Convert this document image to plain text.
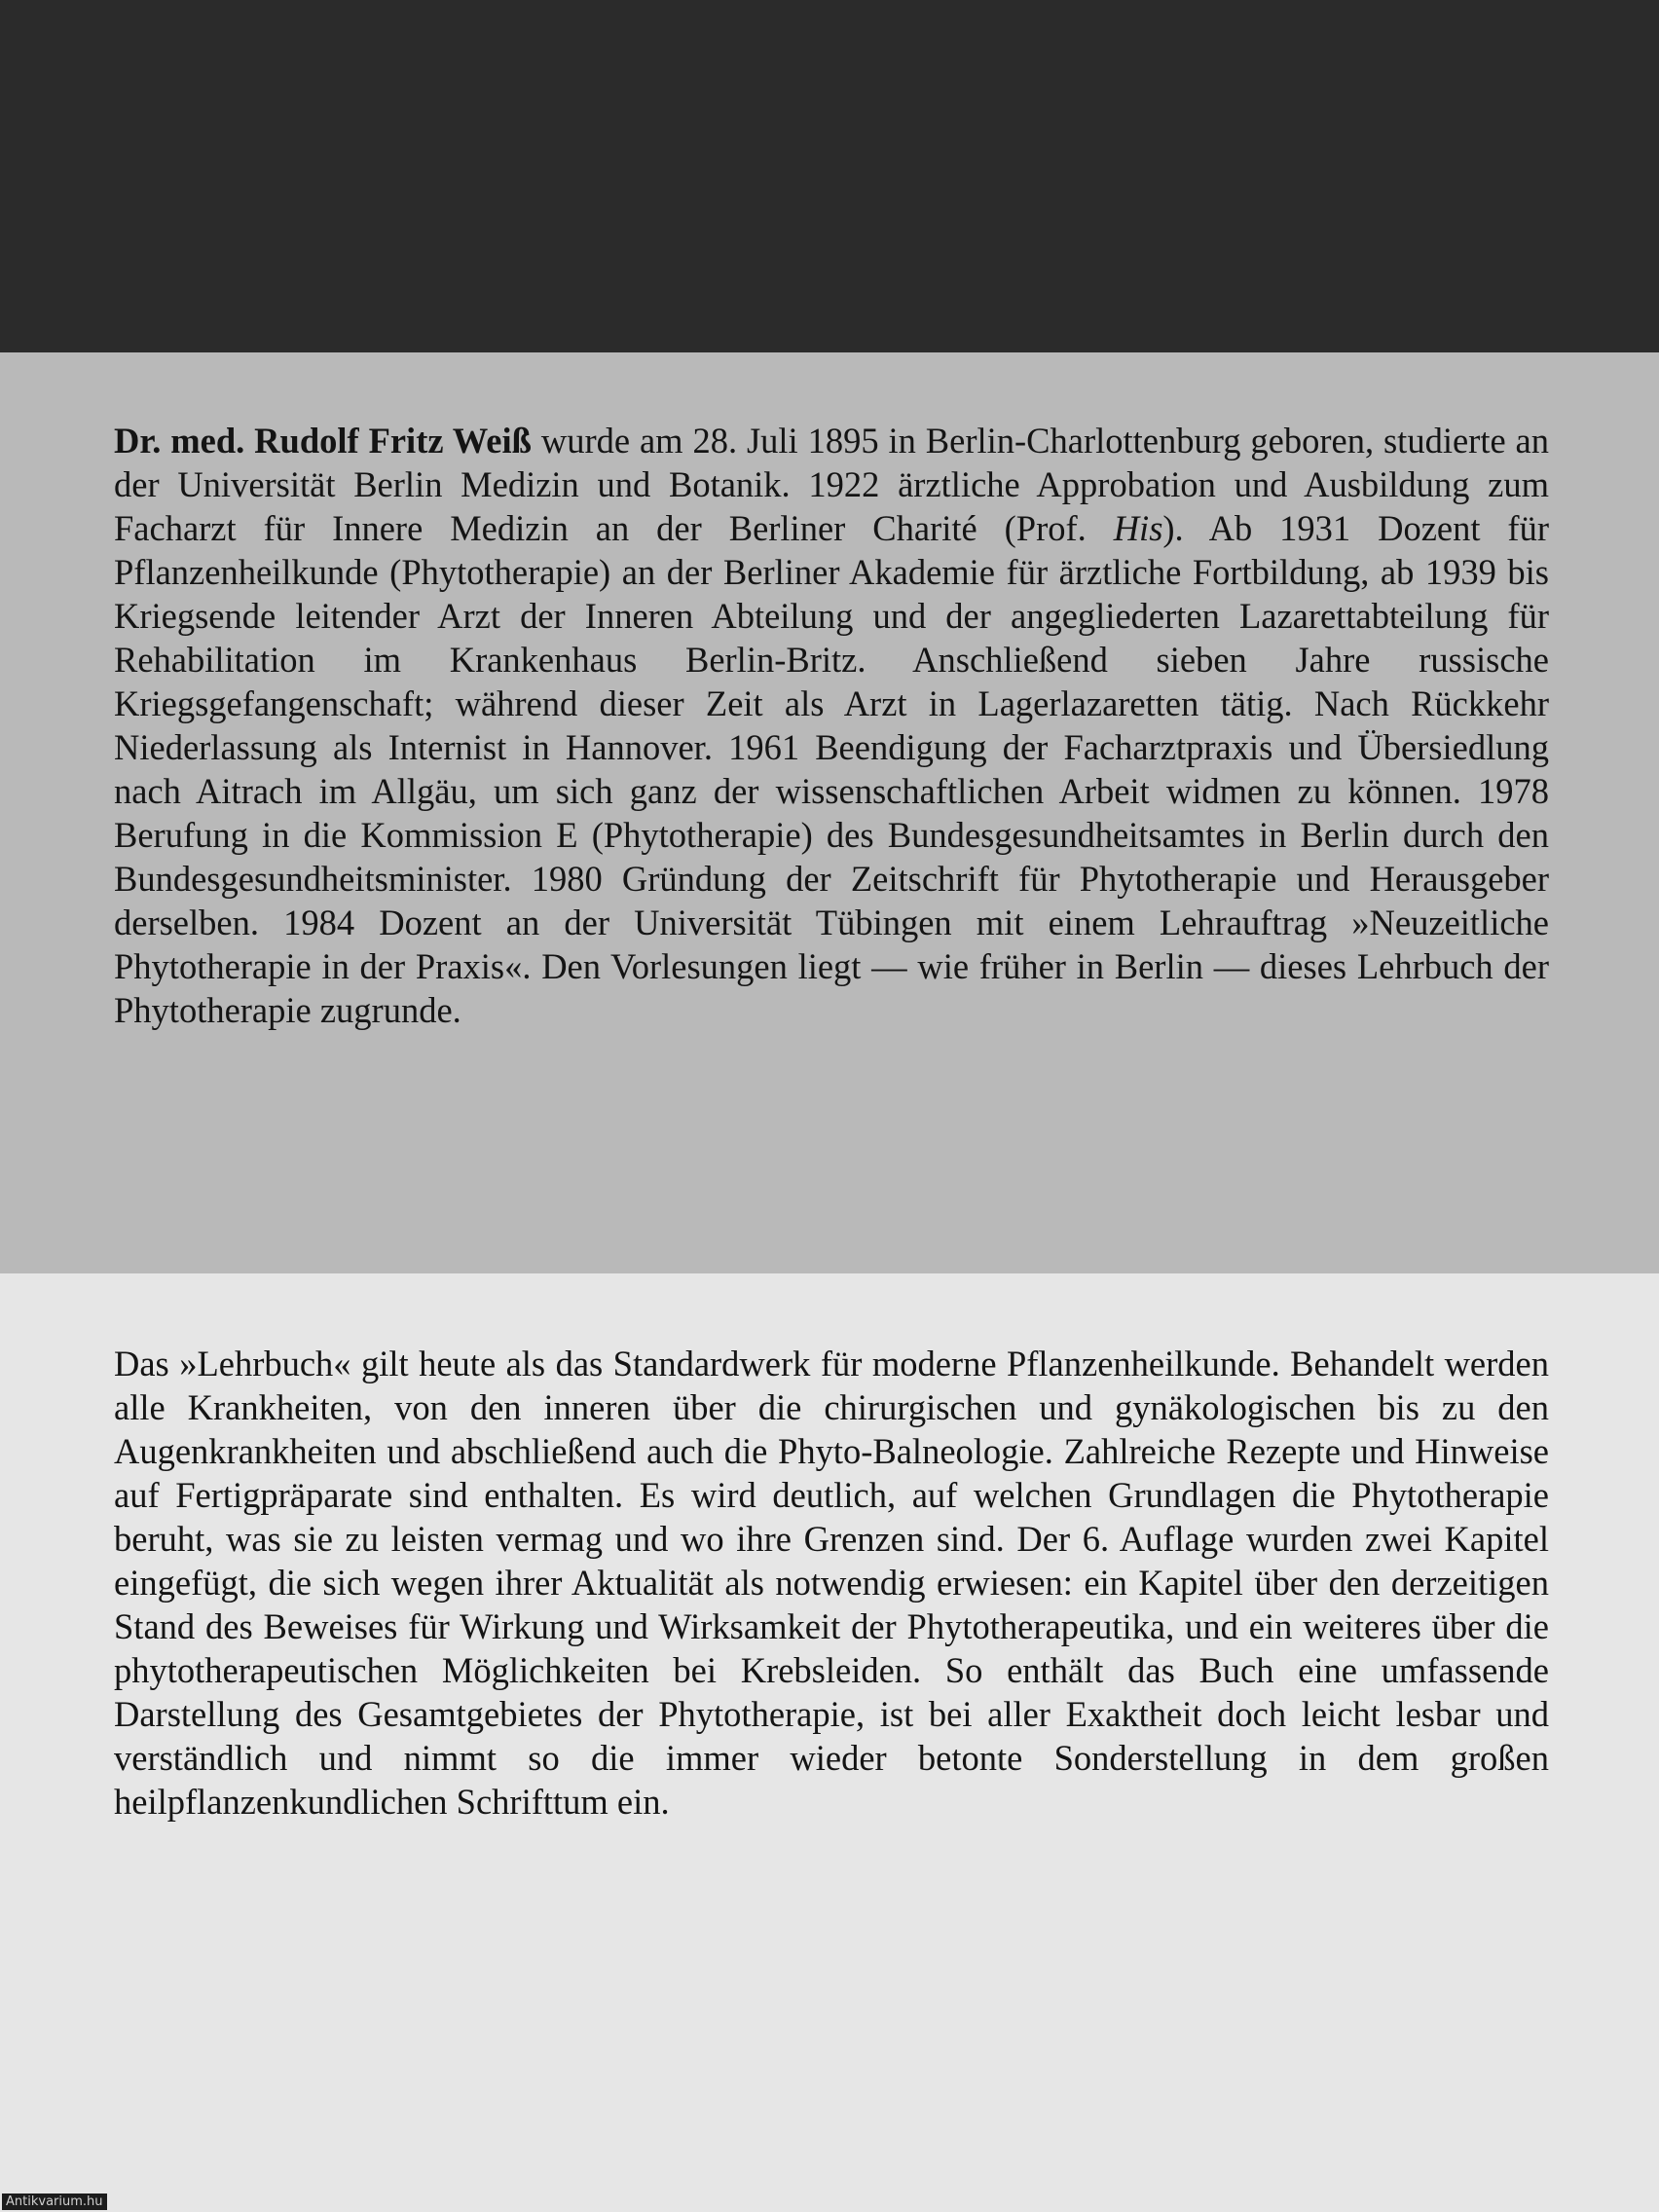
Dr. med. Rudolf Fritz Weiß wurde am 28. Juli 1895 in Berlin-Charlottenburg geboren, studierte an der Universität Berlin Medizin und Botanik. 1922 ärztliche Approbation und Ausbildung zum Facharzt für Innere Medizin an der Berliner Charité (Prof. His). Ab 1931 Dozent für Pflanzenheilkunde (Phytotherapie) an der Berliner Akademie für ärztliche Fortbildung, ab 1939 bis Kriegsende leitender Arzt der Inneren Abteilung und der angegliederten Lazarettabteilung für Rehabilitation im Krankenhaus Berlin-Britz. Anschließend sieben Jahre russische Kriegsgefangenschaft; während dieser Zeit als Arzt in Lagerlazaretten tätig. Nach Rückkehr Niederlassung als Internist in Hannover. 1961 Beendigung der Facharztpraxis und Übersiedlung nach Aitrach im Allgäu, um sich ganz der wissenschaftlichen Arbeit widmen zu können. 1978 Berufung in die Kommission E (Phytotherapie) des Bundesgesundheitsamtes in Berlin durch den Bundesgesundheitsminister. 1980 Gründung der Zeitschrift für Phytotherapie und Herausgeber derselben. 1984 Dozent an der Universität Tübingen mit einem Lehrauftrag »Neuzeitliche Phytotherapie in der Praxis«. Den Vorlesungen liegt — wie früher in Berlin — dieses Lehrbuch der Phytotherapie zugrunde.

Das »Lehrbuch« gilt heute als das Standardwerk für moderne Pflanzenheilkunde. Behandelt werden alle Krankheiten, von den inneren über die chirurgischen und gynäkologischen bis zu den Augenkrankheiten und abschließend auch die Phyto-Balneologie. Zahlreiche Rezepte und Hinweise auf Fertigpräparate sind enthalten. Es wird deutlich, auf welchen Grundlagen die Phytotherapie beruht, was sie zu leisten vermag und wo ihre Grenzen sind. Der 6. Auflage wurden zwei Kapitel eingefügt, die sich wegen ihrer Aktualität als notwendig erwiesen: ein Kapitel über den derzeitigen Stand des Beweises für Wirkung und Wirksamkeit der Phytotherapeutika, und ein weiteres über die phytotherapeutischen Möglichkeiten bei Krebsleiden. So enthält das Buch eine umfassende Darstellung des Gesamtgebietes der Phytotherapie, ist bei aller Exaktheit doch leicht lesbar und verständlich und nimmt so die immer wieder betonte Sonderstellung in dem großen heilpflanzenkundlichen Schrifttum ein.

Antikvarium.hu
